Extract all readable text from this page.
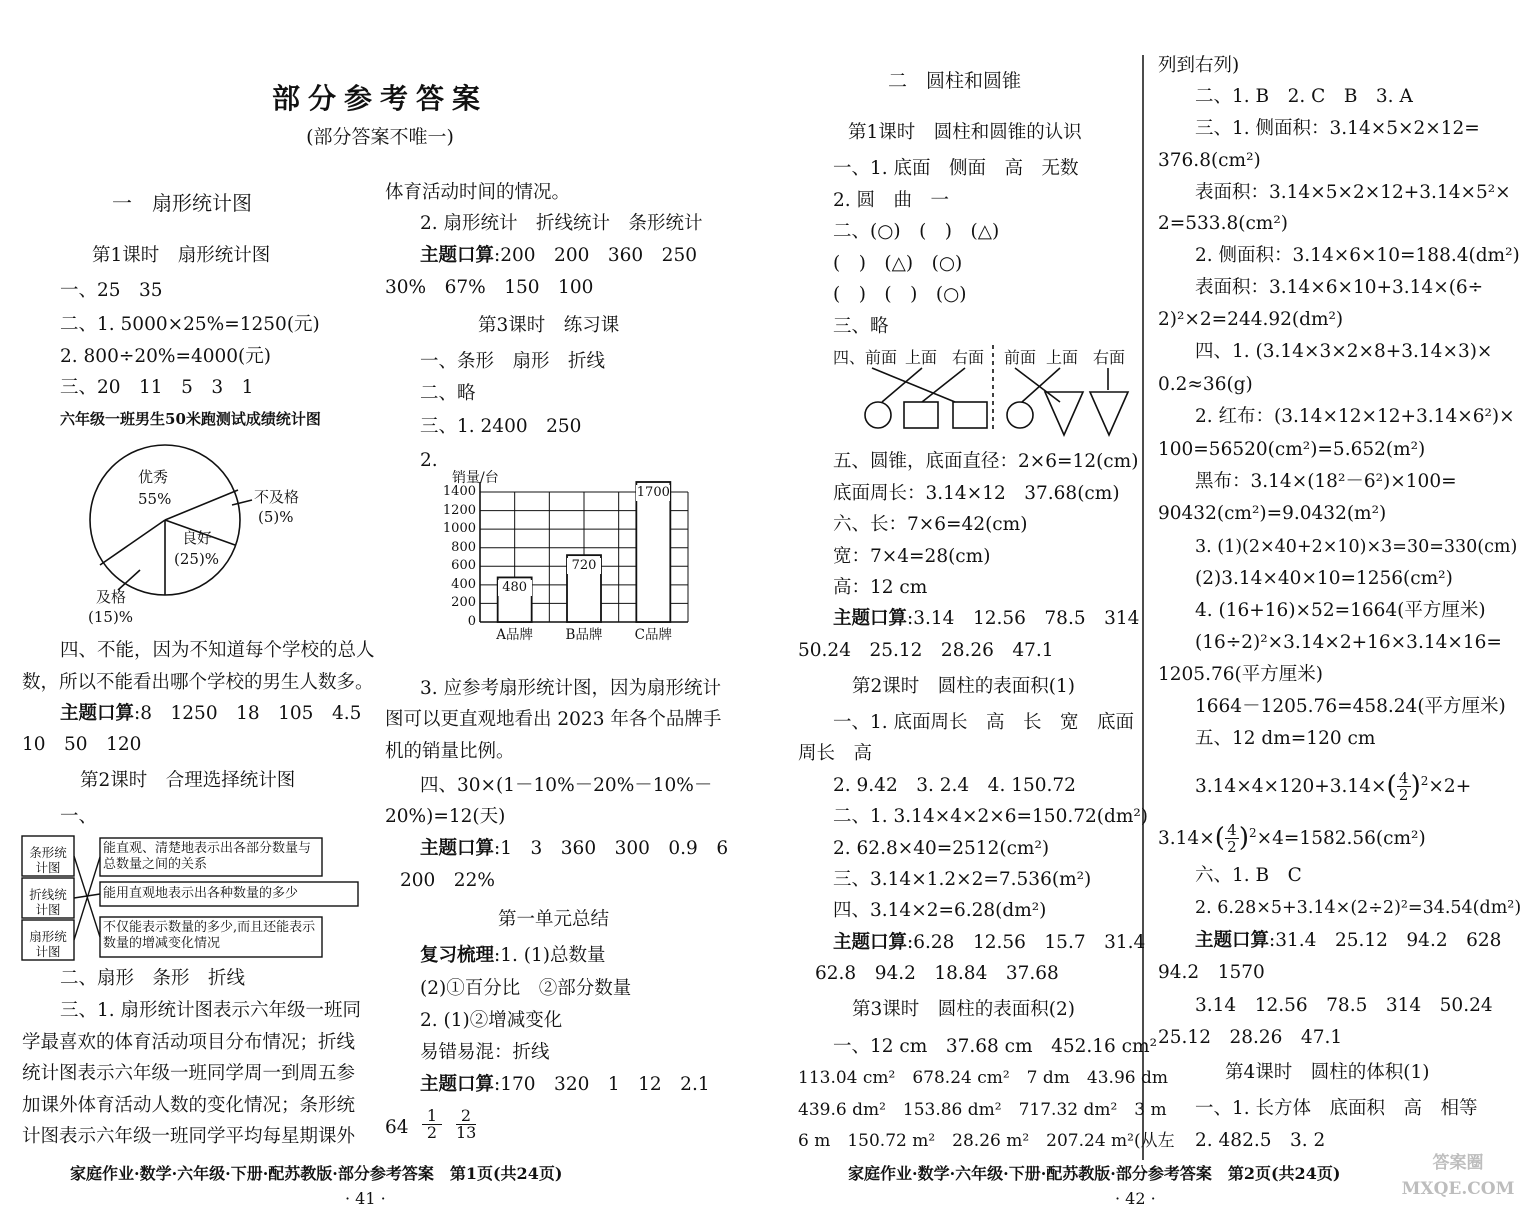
部分参考答案
(部分答案不唯一)
一　扇形统计图
第1课时　扇形统计图
一、25　35
二、1. 5000×25%=1250(元)
2. 800÷20%=4000(元)
三、20　11　5　3　1
六年级一班男生50米跑测试成绩统计图
优秀
55%	不及格
(5)%
良好
(25)%
及格
(15)%
四、不能，因为不知道每个学校的总人
数，所以不能看出哪个学校的男生人数多。
主题口算:8　1250　18　105　4.5
10　50　120
第2课时　合理选择统计图
一、
条形统计图
折线统计图
扇形统计图
能直观、清楚地表示出各部分数量与总数量之间的关系
能用直观地表示出各种数量的多少
不仅能表示数量的多少,而且还能表示数量的增减变化情况
二、扇形　条形　折线
三、1. 扇形统计图表示六年级一班同
学最喜欢的体育活动项目分布情况；折线
统计图表示六年级一班同学周一到周五参
加课外体育活动人数的变化情况；条形统
计图表示六年级一班同学平均每星期课外
体育活动时间的情况。
2. 扇形统计　折线统计　条形统计
主题口算:200　200　360　250
30%　67%　150　100
第3课时　练习课
一、条形　扇形　折线
二、略
三、1. 2400　250
2.
销量/台
1400
1200
1000
800
600
400
200
0
480
A品牌
720
B品牌
1700
C品牌
3. 应参考扇形统计图，因为扇形统计
图可以更直观地看出 2023 年各个品牌手
机的销量比例。
四、30×(1－10%－20%－10%－
20%)=12(天)
主题口算:1　3　360　300　0.9　6
200　22%
第一单元总结
复习梳理:1. (1)总数量
(2)①百分比　②部分数量
2. (1)②增减变化
易错易混：折线
主题口算:170　320　1　12　2.1
$64 \frac{1}{2} \frac{2}{13}$
家庭作业·数学·六年级·下册·配苏教版·部分参考答案　第1页(共24页)
· 41 ·
二　圆柱和圆锥
第1课时　圆柱和圆锥的认识
一、1. 底面　侧面　高　无数
2. 圆　曲　一
二、(○)　(　)　(△)
(　)　(△)　(○)
(　)　(　)　(○)
三、略
四、前面 上面 右面 前面 上面 右面
五、圆锥，底面直径：2×6=12(cm)
底面周长：3.14×12　37.68(cm)
六、长：7×6=42(cm)
宽：7×4=28(cm)
高：12 cm
主题口算:3.14　12.56　78.5　314
50.24　25.12　28.26　47.1
第2课时　圆柱的表面积(1)
一、1. 底面周长　高　长　宽　底面
周长　高
2. 9.42　3. 2.4　4. 150.72
二、1. 3.14×4×2×6=150.72(dm²)
2. 62.8×40=2512(cm²)
三、3.14×1.2×2=7.536(m²)
四、3.14×2=6.28(dm²)
主题口算:6.28　12.56　15.7　31.4
62.8　94.2　18.84　37.68
第3课时　圆柱的表面积(2)
一、12 cm　37.68 cm　452.16 cm²
113.04 cm²　678.24 cm²　7 dm　43.96 dm
439.6 dm²　153.86 dm²　717.32 dm²　3 m
6 m　150.72 m²　28.26 m²　207.24 m²(从左
列到右列)
二、1. B　2. C　B　3. A
三、1. 侧面积：3.14×5×2×12=
376.8(cm²)
表面积：3.14×5×2×12+3.14×5²×
2=533.8(cm²)
2. 侧面积：3.14×6×10=188.4(dm²)
表面积：3.14×6×10+3.14×(6÷
2)²×2=244.92(dm²)
四、1. (3.14×3×2×8+3.14×3)×
0.2≈36(g)
2. 红布：(3.14×12×12+3.14×6²)×
100=56520(cm²)=5.652(m²)
黑布：3.14×(18²－6²)×100=
90432(cm²)=9.0432(m²)
3. (1)(2×40+2×10)×3=30=330(cm)
(2)3.14×40×10=1256(cm²)
4. (16+16)×52=1664(平方厘米)
(16÷2)²×3.14×2+16×3.14×16=
1205.76(平方厘米)
1664－1205.76=458.24(平方厘米)
五、12 dm=120 cm
$3.14\times 4\times 120+3.14\times( \frac{4}{2} )^2\times 2+$
$3.14\times( \frac{4}{2} )^2\times 4=1582.56(cm^2)$
六、1. B　C
2. 6.28×5+3.14×(2÷2)²=34.54(dm²)
主题口算:31.4　25.12　94.2　628
94.2　1570
3.14　12.56　78.5　314　50.24
25.12　28.26　47.1
第4课时　圆柱的体积(1)
一、1. 长方体　底面积　高　相等
2. 482.5　3. 2
家庭作业·数学·六年级·下册·配苏教版·部分参考答案　第2页(共24页)
· 42 ·
答案圈 MXQE.COM
